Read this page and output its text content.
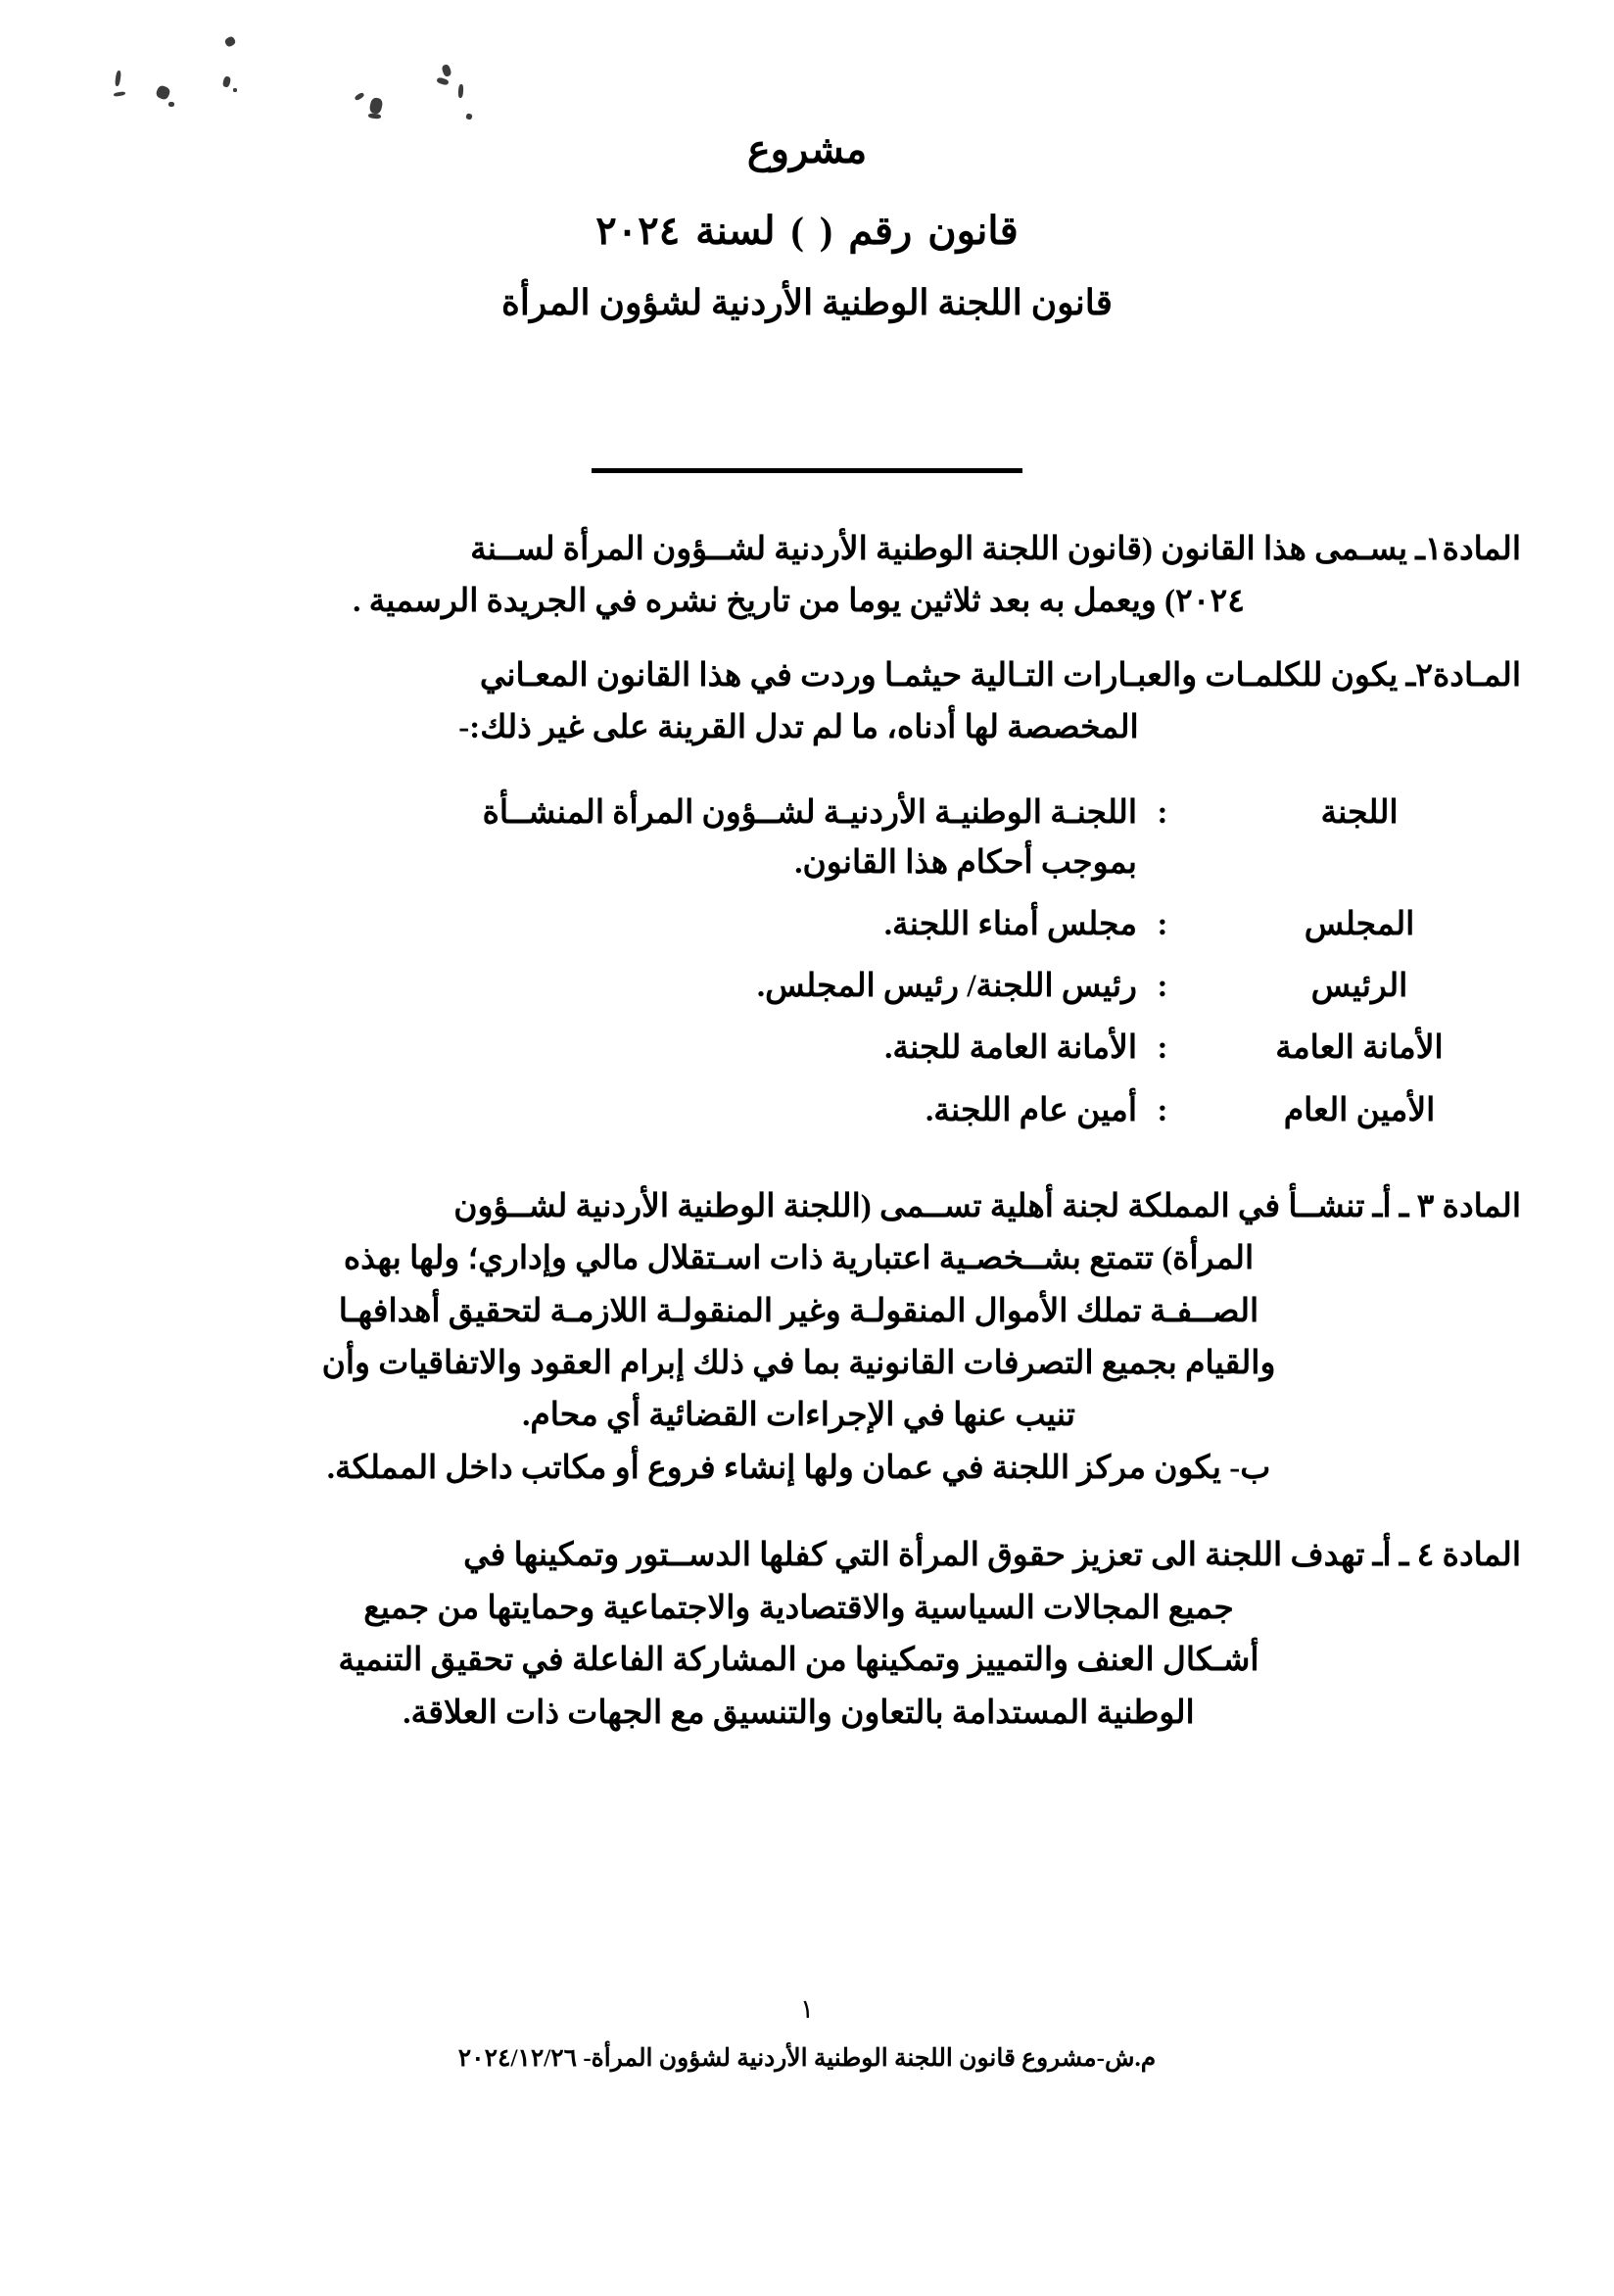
مشروع
قانون رقم ( ) لسنة ٢٠٢٤
قانون اللجنة الوطنية الأردنية لشؤون المرأة

المادة١ـ يسـمى هذا القانون (قانون اللجنة الوطنية الأردنية لشــؤون المرأة لســنة

٢٠٢٤) ويعمل به بعد ثلاثين يوما من تاريخ نشره في الجريدة الرسمية .

المـادة٢ـ يكون للكلمـات والعبـارات التـالية حيثمـا وردت في هذا القانون المعـاني

المخصصة لها أدناه، ما لم تدل القرينة على غير ذلك:-

اللجنة	:	اللجنـة الوطنيـة الأردنيـة لشــؤون المرأة المنشــأة
بموجب أحكام هذا القانون.

المجلس	:	مجلس أمناء اللجنة.
الرئيس	:	رئيس اللجنة/ رئيس المجلس.
الأمانة العامة	:	الأمانة العامة للجنة.
الأمين العام	:	أمين عام اللجنة.

المادة ٣ ـ أـ تنشــأ في المملكة لجنة أهلية تســمى (اللجنة الوطنية الأردنية لشــؤون

المرأة) تتمتع بشــخصـية اعتبارية ذات اسـتقلال مالي وإداري؛ ولها بهذه

الصــفـة تملك الأموال المنقولـة وغير المنقولـة اللازمـة لتحقيق أهدافهـا

والقيام بجميع التصرفات القانونية بما في ذلك إبرام العقود والاتفاقيات وأن

تنيب عنها في الإجراءات القضائية أي محام.

ب- يكون مركز اللجنة في عمان ولها إنشاء فروع أو مكاتب داخل المملكة.

المادة ٤ ـ أـ تهدف اللجنة الى تعزيز حقوق المرأة التي كفلها الدســتور وتمكينها في

جميع المجالات السياسية والاقتصادية والاجتماعية وحمايتها من جميع

أشـكال العنف والتمييز وتمكينها من المشاركة الفاعلة في تحقيق التنمية

الوطنية المستدامة بالتعاون والتنسيق مع الجهات ذات العلاقة.

١
م.ش-مشروع قانون اللجنة الوطنية الأردنية لشؤون المرأة- ٢٠٢٤/١٢/٢٦
